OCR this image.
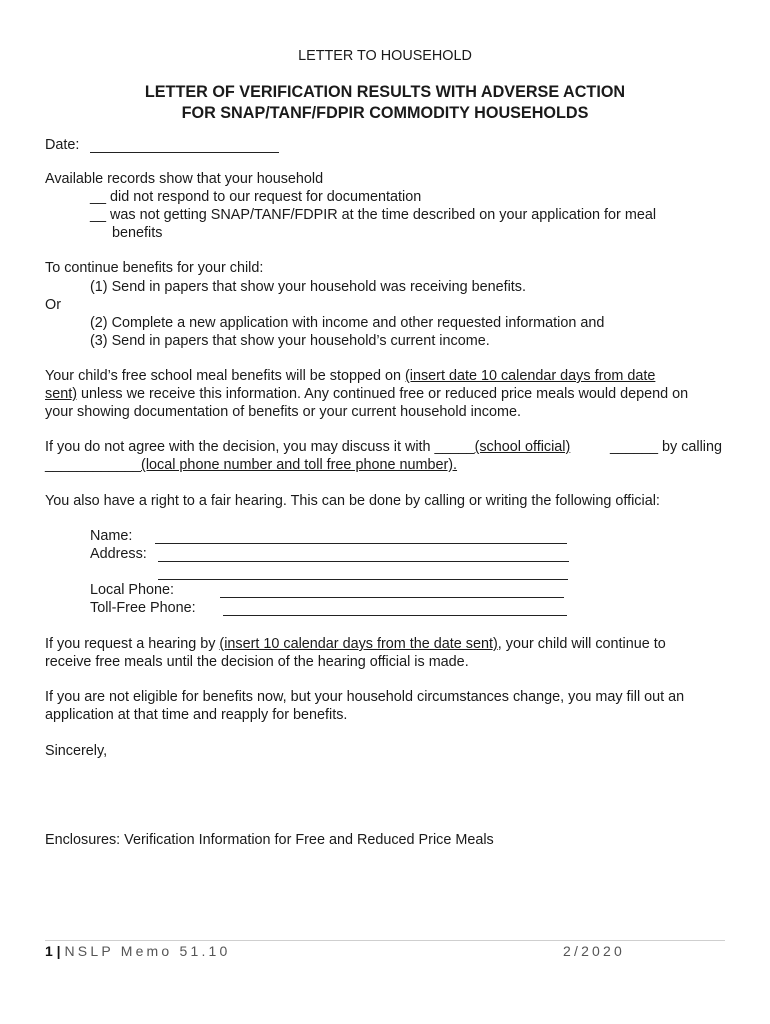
LETTER TO HOUSEHOLD
LETTER OF VERIFICATION RESULTS WITH ADVERSE ACTION
FOR SNAP/TANF/FDPIR COMMODITY HOUSEHOLDS
Date:
Available records show that your household
__ did not respond to our request for documentation
__ was not getting SNAP/TANF/FDPIR at the time described on your application for meal
benefits
To continue benefits for your child:
(1) Send in papers that show your household was receiving benefits.
Or
(2) Complete a new application with income and other requested information and
(3) Send in papers that show your household’s current income.
Your child’s free school meal benefits will be stopped on (insert date 10 calendar days from date
sent) unless we receive this information. Any continued free or reduced price meals would depend on
your showing documentation of benefits or your current household income.
If you do not agree with the decision, you may discuss it with _____(school official)	______ by calling
____________(local phone number and toll free phone number).
You also have a right to a fair hearing. This can be done by calling or writing the following official:
Name:
Address:
Local Phone:
Toll-Free Phone:
If you request a hearing by (insert 10 calendar days from the date sent), your child will continue to
receive free meals until the decision of the hearing official is made.
If you are not eligible for benefits now, but your household circumstances change, you may fill out an
application at that time and reapply for benefits.
Sincerely,
Enclosures: Verification Information for Free and Reduced Price Meals
1 | NSLP Memo 51.10	2/2020
